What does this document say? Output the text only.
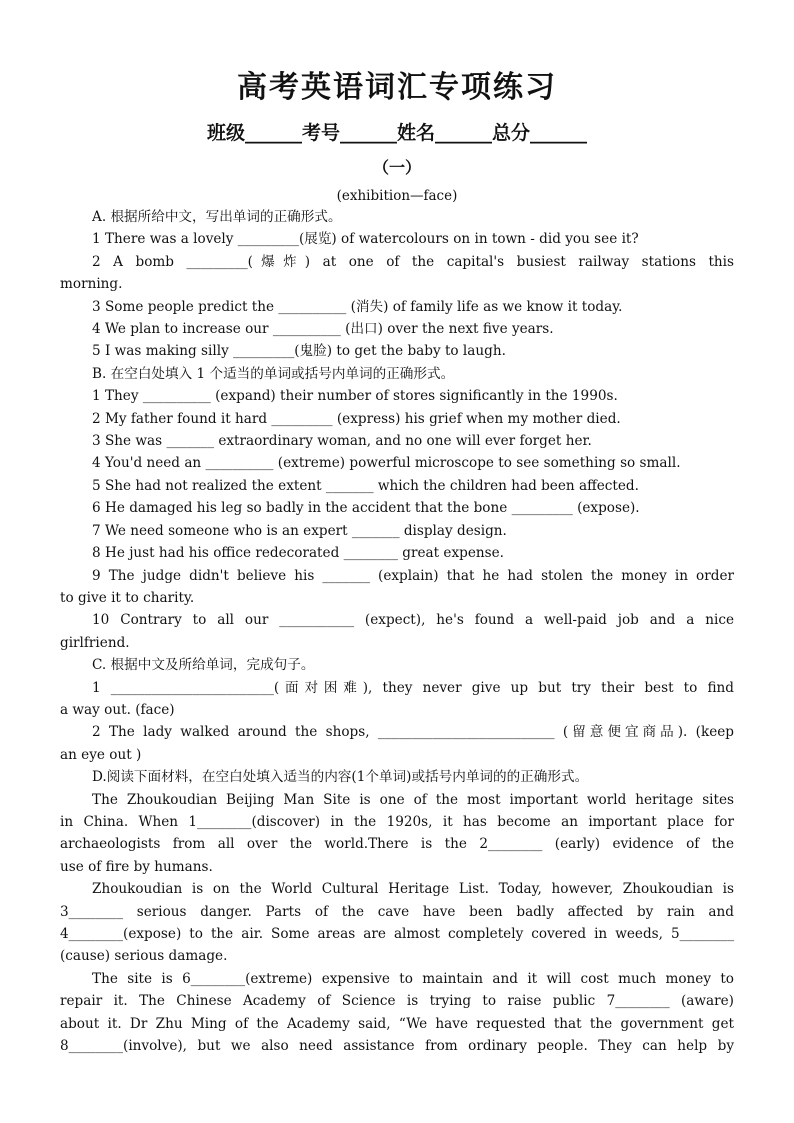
高考英语词汇专项练习
班级______考号______姓名______总分______
（一）
(exhibition—face)

A. 根据所给中文，写出单词的正确形式。

1 There was a lovely _________(展览) of watercolours on in town - did you see it?

2 A bomb _________(爆炸) at one of the capital's busiest railway stations this

morning.

3 Some people predict the __________ (消失) of family life as we know it today.

4 We plan to increase our __________ (出口) over the next five years.

5 I was making silly _________(鬼脸) to get the baby to laugh.

B. 在空白处填入 1 个适当的单词或括号内单词的正确形式。

1 They __________ (expand) their number of stores significantly in the 1990s.

2 My father found it hard _________ (express) his grief when my mother died.

3 She was _______ extraordinary woman, and no one will ever forget her.

4 You'd need an __________ (extreme) powerful microscope to see something so small.

5 She had not realized the extent _______ which the children had been affected.

6 He damaged his leg so badly in the accident that the bone _________ (expose).

7 We need someone who is an expert _______ display design.

8 He just had his office redecorated ________ great expense.

9 The judge didn't believe his _______ (explain) that he had stolen the money in order

to give it to charity.

10 Contrary to all our ___________ (expect), he's found a well-paid job and a nice

girlfriend.

C. 根据中文及所给单词，完成句子。

1 ________________________(面对困难), they never give up but try their best to find

a way out. (face)

2 The lady walked around the shops, __________________________ (留意便宜商品). (keep

an eye out )

D.阅读下面材料，在空白处填入适当的内容(1个单词)或括号内单词的的正确形式。

The Zhoukoudian Beijing Man Site is one of the most important world heritage sites

in China. When 1________(discover) in the 1920s, it has become an important place for

archaeologists from all over the world.There is the 2________ (early) evidence of the

use of fire by humans.

Zhoukoudian is on the World Cultural Heritage List. Today, however, Zhoukoudian is

3________ serious danger. Parts of the cave have been badly affected by rain and

4________(expose) to the air. Some areas are almost completely covered in weeds, 5________

(cause) serious damage.

The site is 6________(extreme) expensive to maintain and it will cost much money to

repair it. The Chinese Academy of Science is trying to raise public 7________ (aware)

about it. Dr Zhu Ming of the Academy said, “We have requested that the government get

8________(involve), but we also need assistance from ordinary people. They can help by
